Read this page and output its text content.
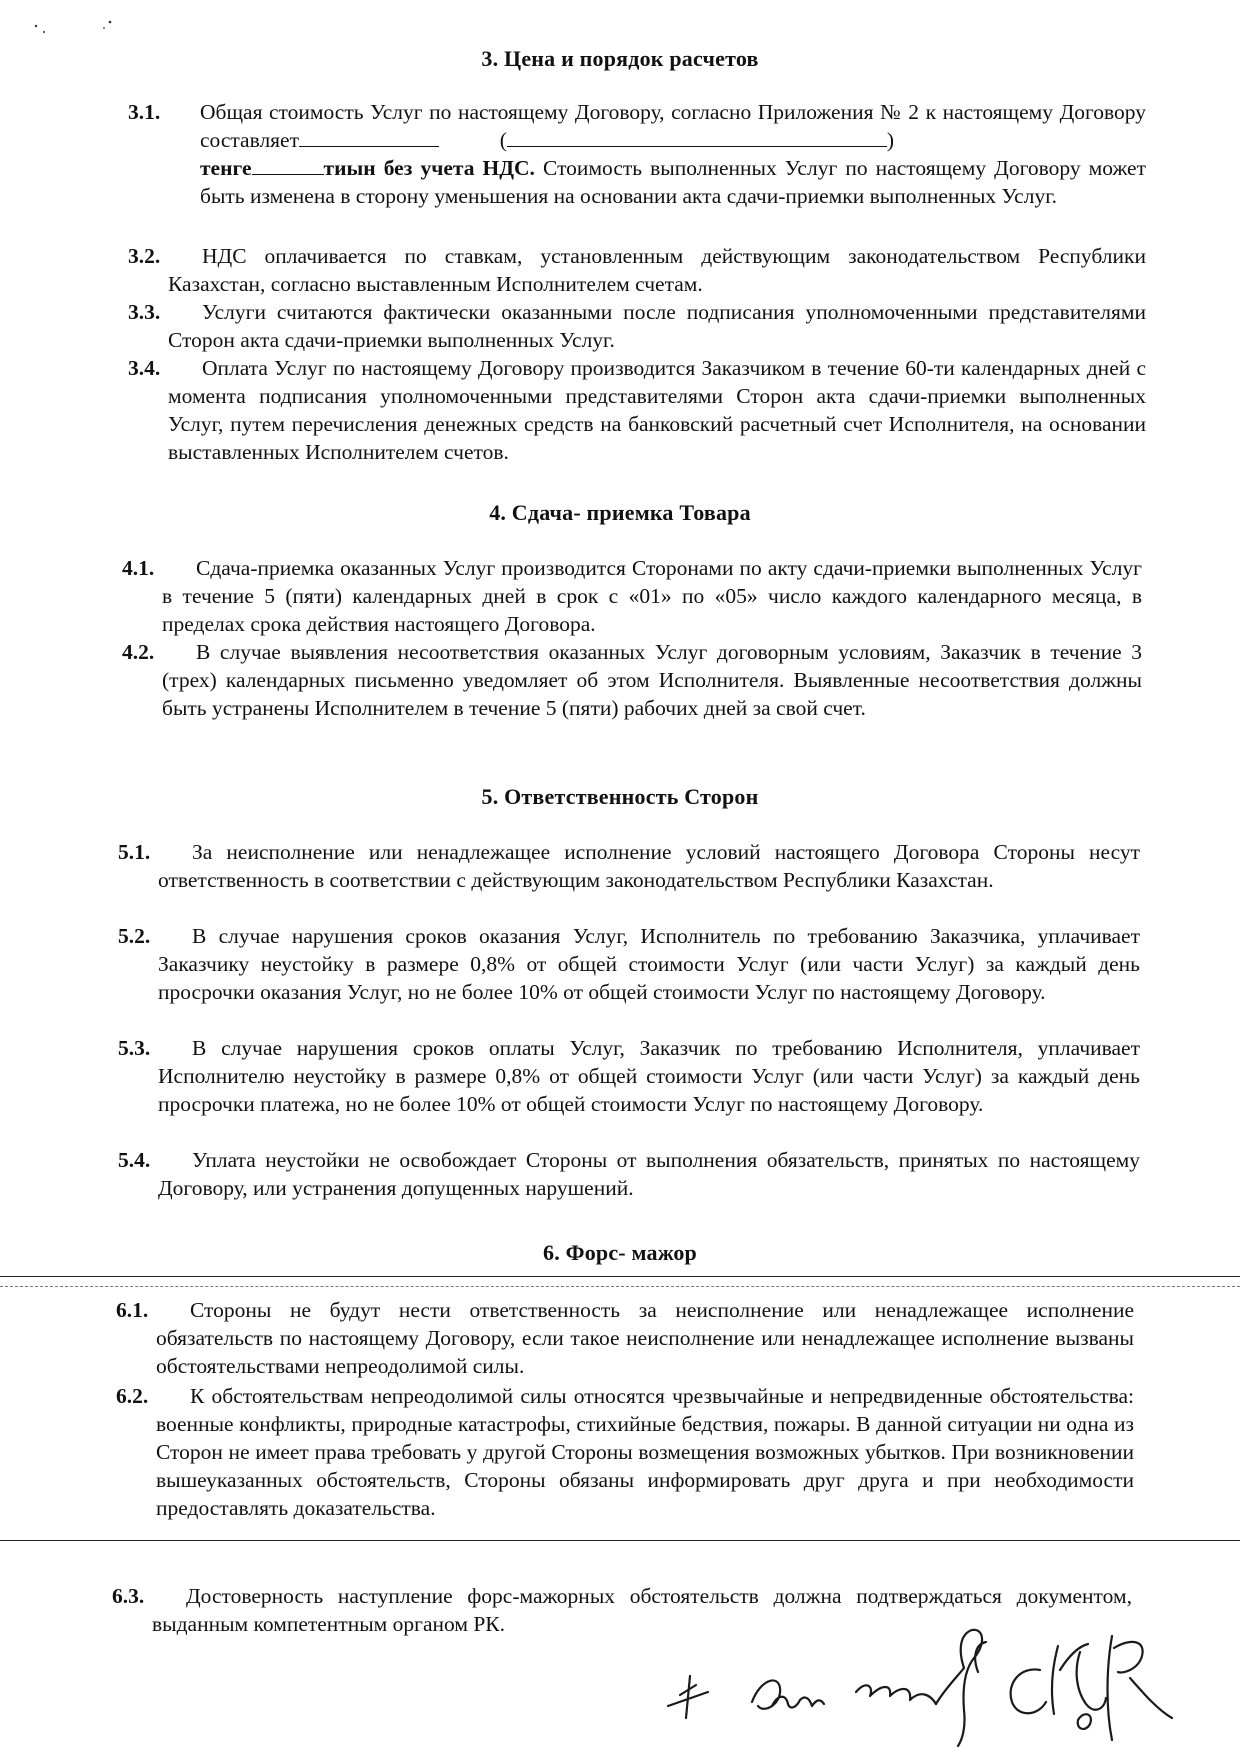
3. Цена и порядок расчетов
3.1. Общая стоимость Услуг по настоящему Договору, согласно Приложения № 2 к настоящему Договору составляет	(	)
тенге	тиын без учета НДС. Стоимость выполненных Услуг по настоящему Договору может быть изменена в сторону уменьшения на основании акта сдачи-приемки выполненных Услуг.
3.2.	НДС оплачивается по ставкам, установленным действующим законодательством Республики Казахстан, согласно выставленным Исполнителем счетам.
3.3.	Услуги считаются фактически оказанными после подписания уполномоченными представителями Сторон акта сдачи-приемки выполненных Услуг.
3.4.	Оплата Услуг по настоящему Договору производится Заказчиком в течение 60-ти календарных дней с момента подписания уполномоченными представителями Сторон акта сдачи-приемки выполненных Услуг, путем перечисления денежных средств на банковский расчетный счет Исполнителя, на основании выставленных Исполнителем счетов.
4. Сдача- приемка Товара
4.1.	Сдача-приемка оказанных Услуг производится Сторонами по акту сдачи-приемки выполненных Услуг в течение 5 (пяти) календарных дней в срок с «01» по «05» число каждого календарного месяца, в пределах срока действия настоящего Договора.
4.2.	В случае выявления несоответствия оказанных Услуг договорным условиям, Заказчик в течение 3 (трех) календарных письменно уведомляет об этом Исполнителя. Выявленные несоответствия должны быть устранены Исполнителем в течение 5 (пяти) рабочих дней за свой счет.
5. Ответственность Сторон
5.1.	За неисполнение или ненадлежащее исполнение условий настоящего Договора Стороны несут ответственность в соответствии с действующим законодательством Республики Казахстан.
5.2.	В случае нарушения сроков оказания Услуг, Исполнитель по требованию Заказчика, уплачивает Заказчику неустойку в размере 0,8% от общей стоимости Услуг (или части Услуг) за каждый день просрочки оказания Услуг, но не более 10% от общей стоимости Услуг по настоящему Договору.
5.3.	В случае нарушения сроков оплаты Услуг, Заказчик по требованию Исполнителя, уплачивает Исполнителю неустойку в размере 0,8% от общей стоимости Услуг (или части Услуг) за каждый день просрочки платежа, но не более 10% от общей стоимости Услуг по настоящему Договору.
5.4.	Уплата неустойки не освобождает Стороны от выполнения обязательств, принятых по настоящему Договору, или устранения допущенных нарушений.
6. Форс- мажор
6.1.	Стороны не будут нести ответственность за неисполнение или ненадлежащее исполнение обязательств по настоящему Договору, если такое неисполнение или ненадлежащее исполнение вызваны обстоятельствами непреодолимой силы.
6.2.	К обстоятельствам непреодолимой силы относятся чрезвычайные и непредвиденные обстоятельства: военные конфликты, природные катастрофы, стихийные бедствия, пожары. В данной ситуации ни одна из Сторон не имеет права требовать у другой Стороны возмещения возможных убытков. При возникновении вышеуказанных обстоятельств, Стороны обязаны информировать друг друга и при необходимости предоставлять доказательства.
6.3.	Достоверность наступление форс-мажорных обстоятельств должна подтверждаться документом, выданным компетентным органом РК.
